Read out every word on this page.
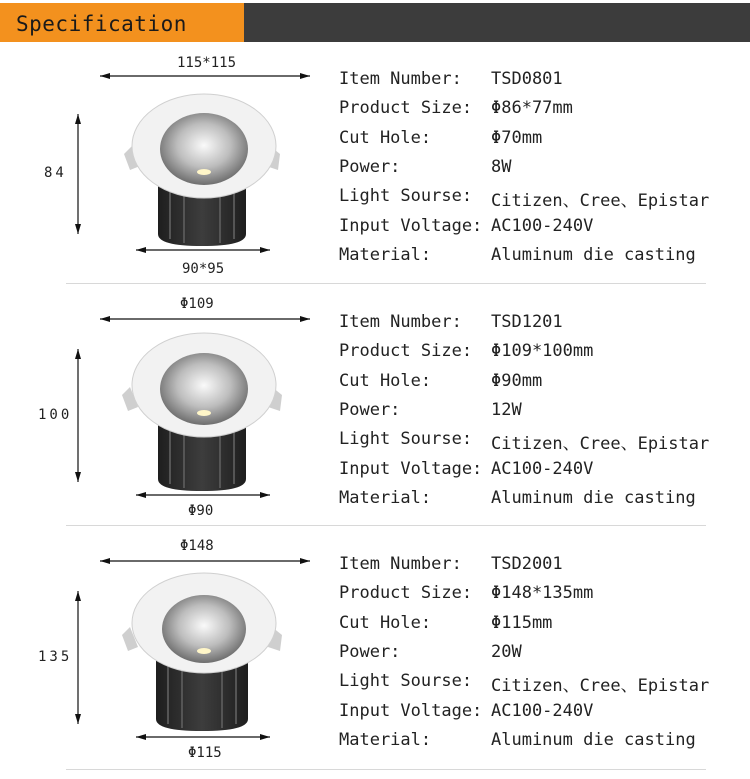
Specification
115*115
90*95
84
Item Number: TSD0801
Product Size: Φ86*77mm
Cut Hole:	Φ70mm
Power:	8W
Light Sourse: Citizen、Cree、Epistar
Input Voltage: AC100-240V
Material:	Aluminum die casting
Φ109
Φ90
100
Item Number: TSD1201
Product Size: Φ109*100mm
Cut Hole:	Φ90mm
Power:	12W
Light Sourse: Citizen、Cree、Epistar
Input Voltage: AC100-240V
Material:	Aluminum die casting
Φ148
Φ115
135
Item Number: TSD2001
Product Size: Φ148*135mm
Cut Hole:	Φ115mm
Power:	20W
Light Sourse: Citizen、Cree、Epistar
Input Voltage: AC100-240V
Material:	Aluminum die casting
